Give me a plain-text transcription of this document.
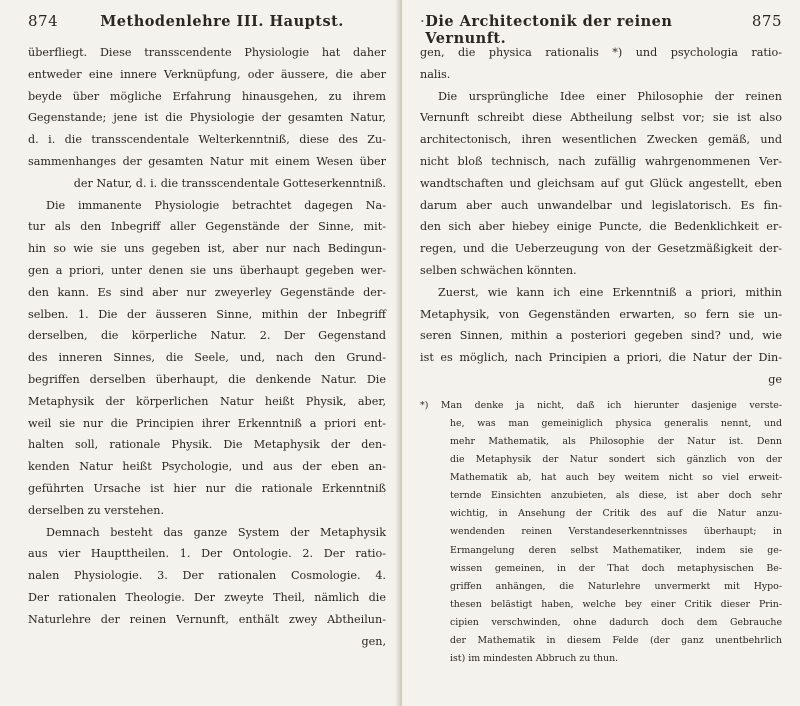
874	Methodenlehre III. Hauptst.

überfliegt. Diese transscendente Physiologie hat daher

entweder eine innere Verknüpfung, oder äussere, die aber

beyde über mögliche Erfahrung hinausgehen, zu ihrem

Gegenstande; jene ist die Physiologie der gesamten Natur,

d. i. die transscendentale Welterkenntniß, diese des Zu-

sammenhanges der gesamten Natur mit einem Wesen über

der Natur, d. i. die transscendentale Gotteserkenntniß.

Die immanente Physiologie betrachtet dagegen Na-

tur als den Inbegriff aller Gegenstände der Sinne, mit-

hin so wie sie uns gegeben ist, aber nur nach Bedingun-

gen a priori, unter denen sie uns überhaupt gegeben wer-

den kann. Es sind aber nur zweyerley Gegenstände der-

selben. 1. Die der äusseren Sinne, mithin der Inbegriff

derselben, die körperliche Natur. 2. Der Gegenstand

des inneren Sinnes, die Seele, und, nach den Grund-

begriffen derselben überhaupt, die denkende Natur. Die

Metaphysik der körperlichen Natur heißt Physik, aber,

weil sie nur die Principien ihrer Erkenntniß a priori ent-

halten soll, rationale Physik. Die Metaphysik der den-

kenden Natur heißt Psychologie, und aus der eben an-

geführten Ursache ist hier nur die rationale Erkenntniß

derselben zu verstehen.

Demnach besteht das ganze System der Metaphysik

aus vier Haupttheilen. 1. Der Ontologie. 2. Der ratio-

nalen Physiologie. 3. Der rationalen Cosmologie. 4.

Der rationalen Theologie. Der zweyte Theil, nämlich die

Naturlehre der reinen Vernunft, enthält zwey Abtheilun-

gen,
· Die Architectonik der reinen Vernunft.
875

gen, die physica rationalis *) und psychologia ratio-

nalis.

Die ursprüngliche Idee einer Philosophie der reinen

Vernunft schreibt diese Abtheilung selbst vor; sie ist also

architectonisch, ihren wesentlichen Zwecken gemäß, und

nicht bloß technisch, nach zufällig wahrgenommenen Ver-

wandtschaften und gleichsam auf gut Glück angestellt, eben

darum aber auch unwandelbar und legislatorisch. Es fin-

den sich aber hiebey einige Puncte, die Bedenklichkeit er-

regen, und die Ueberzeugung von der Gesetzmäßigkeit der-

selben schwächen könnten.

Zuerst, wie kann ich eine Erkenntniß a priori, mithin

Metaphysik, von Gegenständen erwarten, so fern sie un-

seren Sinnen, mithin a posteriori gegeben sind? und, wie

ist es möglich, nach Principien a priori, die Natur der Din-

ge

*) Man denke ja nicht, daß ich hierunter dasjenige verste-

he, was man gemeiniglich physica generalis nennt, und

mehr Mathematik, als Philosophie der Natur ist. Denn

die Metaphysik der Natur sondert sich gänzlich von der

Mathematik ab, hat auch bey weitem nicht so viel erweit-

ternde Einsichten anzubieten, als diese, ist aber doch sehr

wichtig, in Ansehung der Critik des auf die Natur anzu-

wendenden reinen Verstandeserkenntnisses überhaupt; in

Ermangelung deren selbst Mathematiker, indem sie ge-

wissen gemeinen, in der That doch metaphysischen Be-

griffen anhängen, die Naturlehre unvermerkt mit Hypo-

thesen belästigt haben, welche bey einer Critik dieser Prin-

cipien verschwinden, ohne dadurch doch dem Gebrauche

der Mathematik in diesem Felde (der ganz unentbehrlich

ist) im mindesten Abbruch zu thun.
